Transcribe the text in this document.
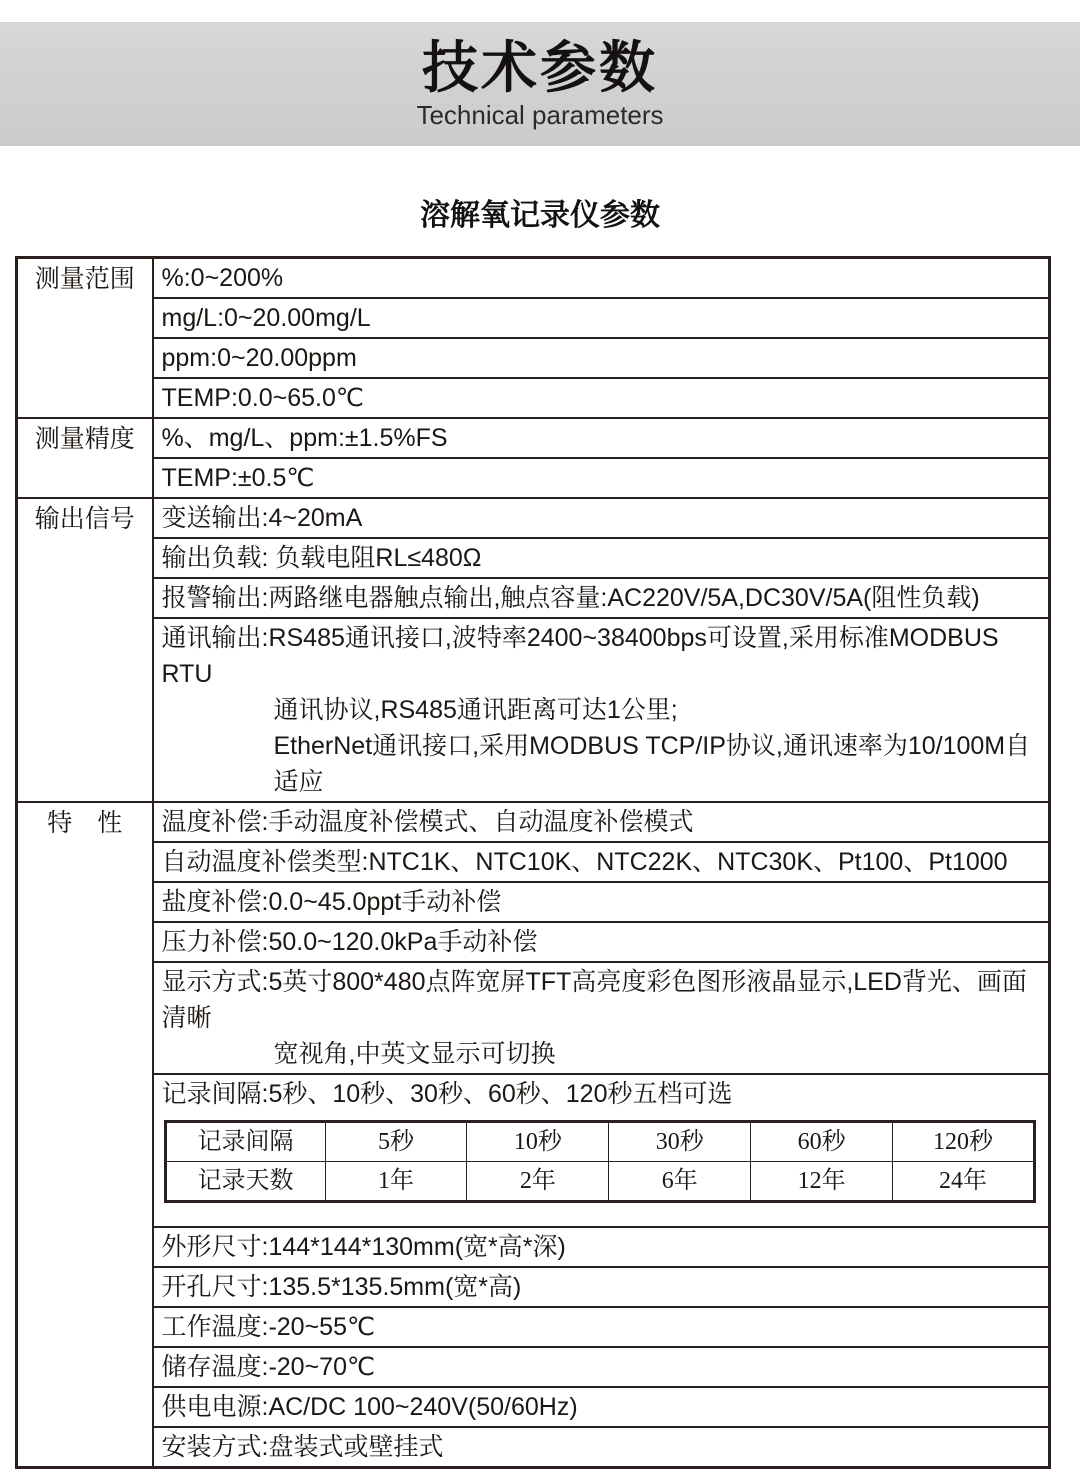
技术参数
Technical parameters
溶解氧记录仪参数
测量范围	%:0~200%

mg/L:0~20.00mg/L

ppm:0~20.00ppm

TEMP:0.0~65.0℃

测量精度	%、mg/L、ppm:±1.5%FS

TEMP:±0.5℃

输出信号	变送输出:4~20mA

输出负载: 负载电阻RL≤480Ω

报警输出:两路继电器触点输出,触点容量:AC220V/5A,DC30V/5A(阻性负载)

通讯输出:RS485通讯接口,波特率2400~38400bps可设置,采用标准MODBUS RTU
通讯协议,RS485通讯距离可达1公里;
EtherNet通讯接口,采用MODBUS TCP/IP协议,通讯速率为10/100M自适应

特　性	温度补偿:手动温度补偿模式、自动温度补偿模式

自动温度补偿类型:NTC1K、NTC10K、NTC22K、NTC30K、Pt100、Pt1000

盐度补偿:0.0~45.0ppt手动补偿

压力补偿:50.0~120.0kPa手动补偿

显示方式:5英寸800*480点阵宽屏TFT高亮度彩色图形液晶显示,LED背光、画面清晰
宽视角,中英文显示可切换

记录间隔:5秒、10秒、30秒、60秒、120秒五档可选
记录间隔	5秒	10秒	30秒	60秒	120秒
记录天数	1年	2年	6年	12年	24年

外形尺寸:144*144*130mm(宽*高*深)

开孔尺寸:135.5*135.5mm(宽*高)

工作温度:-20~55℃

储存温度:-20~70℃

供电电源:AC/DC 100~240V(50/60Hz)

安装方式:盘装式或壁挂式
